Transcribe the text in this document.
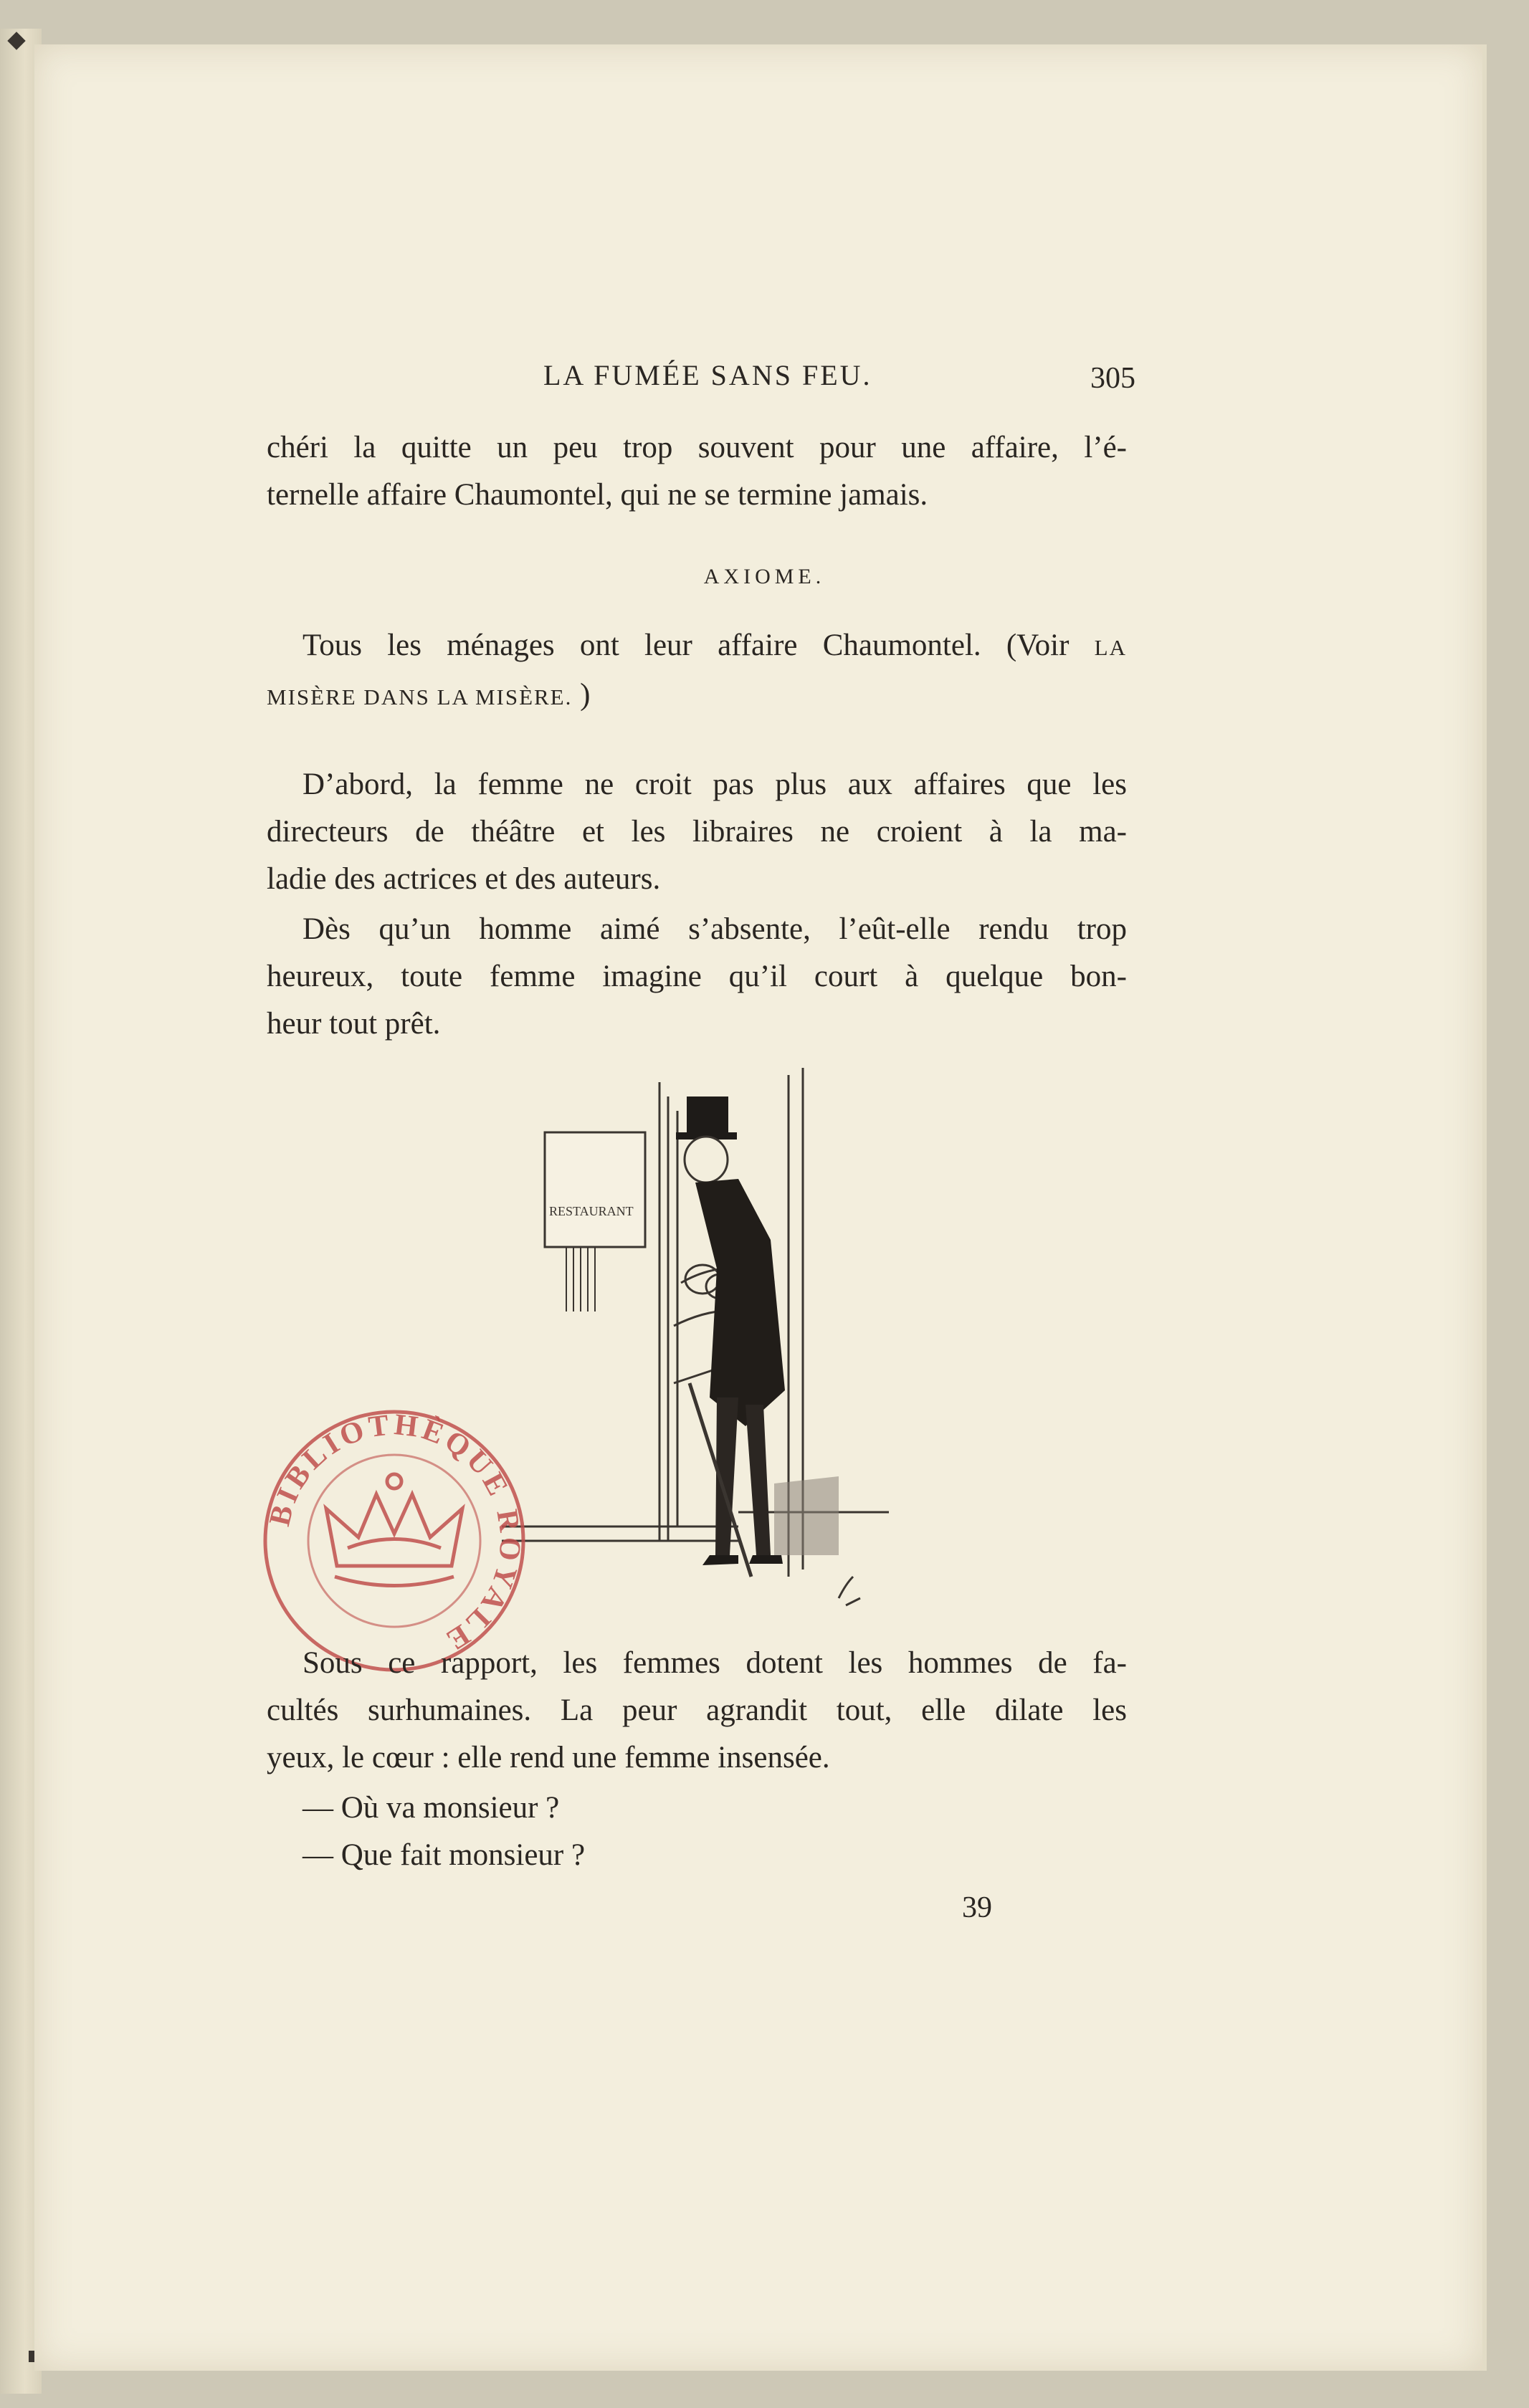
LA FUMÉE SANS FEU.	305
chéri la quitte un peu trop souvent pour une affaire, l’é-
ternelle affaire Chaumontel, qui ne se termine jamais.
AXIOME.
Tous les ménages ont leur affaire Chaumontel. (Voir LA
MISÈRE DANS LA MISÈRE. )
D’abord, la femme ne croit pas plus aux affaires que les
directeurs de théâtre et les libraires ne croient à la ma-
ladie des actrices et des auteurs.
Dès qu’un homme aimé s’absente, l’eût-elle rendu trop
heureux, toute femme imagine qu’il court à quelque bon-
heur tout prêt.
RESTAURANT
BIBLIOTHÈQUE ROYALE
Sous ce rapport, les femmes dotent les hommes de fa-
cultés surhumaines. La peur agrandit tout, elle dilate les
yeux, le cœur : elle rend une femme insensée.
— Où va monsieur ?
— Que fait monsieur ?
39
